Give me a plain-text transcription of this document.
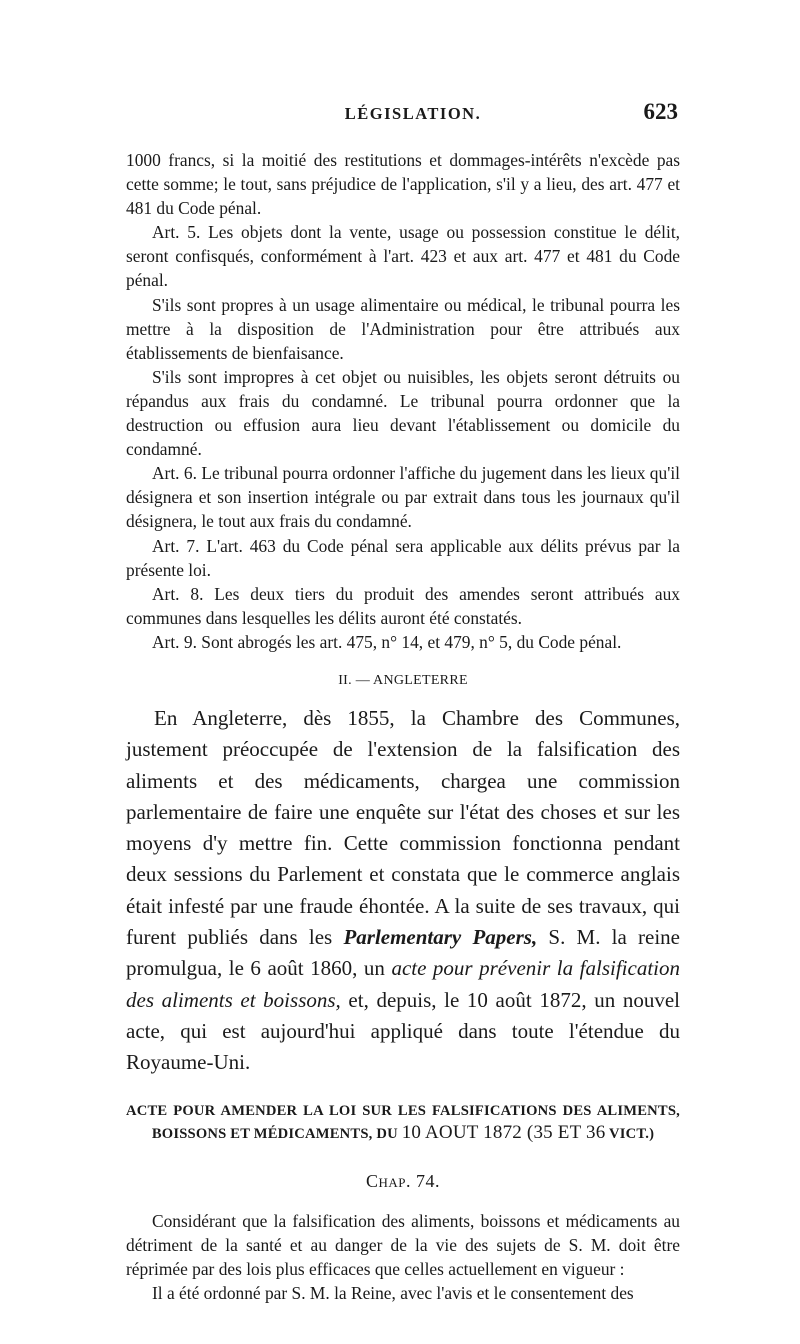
LÉGISLATION.	623

1000 francs, si la moitié des restitutions et dommages-intérêts n'excède pas cette somme; le tout, sans préjudice de l'application, s'il y a lieu, des art. 477 et 481 du Code pénal.

Art. 5. Les objets dont la vente, usage ou possession constitue le délit, seront confisqués, conformément à l'art. 423 et aux art. 477 et 481 du Code pénal.

S'ils sont propres à un usage alimentaire ou médical, le tribunal pourra les mettre à la disposition de l'Administration pour être attribués aux établissements de bienfaisance.

S'ils sont impropres à cet objet ou nuisibles, les objets seront détruits ou répandus aux frais du condamné. Le tribunal pourra ordonner que la destruction ou effusion aura lieu devant l'établissement ou domicile du condamné.

Art. 6. Le tribunal pourra ordonner l'affiche du jugement dans les lieux qu'il désignera et son insertion intégrale ou par extrait dans tous les journaux qu'il désignera, le tout aux frais du condamné.

Art. 7. L'art. 463 du Code pénal sera applicable aux délits prévus par la présente loi.

Art. 8. Les deux tiers du produit des amendes seront attribués aux communes dans lesquelles les délits auront été constatés.

Art. 9. Sont abrogés les art. 475, n° 14, et 479, n° 5, du Code pénal.

II. — ANGLETERRE

En Angleterre, dès 1855, la Chambre des Communes, justement préoccupée de l'extension de la falsification des aliments et des médicaments, chargea une commission parlementaire de faire une enquête sur l'état des choses et sur les moyens d'y mettre fin. Cette commission fonctionna pendant deux sessions du Parlement et constata que le commerce anglais était infesté par une fraude éhontée. A la suite de ses travaux, qui furent publiés dans les Parlementary Papers, S. M. la reine promulgua, le 6 août 1860, un acte pour prévenir la falsification des aliments et boissons, et, depuis, le 10 août 1872, un nouvel acte, qui est aujourd'hui appliqué dans toute l'étendue du Royaume-Uni.

ACTE POUR AMENDER LA LOI SUR LES FALSIFICATIONS DES ALIMENTS, BOISSONS ET MÉDICAMENTS, DU 10 AOUT 1872 (35 ET 36 VICT.)
Chap. 74.

Considérant que la falsification des aliments, boissons et médicaments au détriment de la santé et au danger de la vie des sujets de S. M. doit être réprimée par des lois plus efficaces que celles actuellement en vigueur :

Il a été ordonné par S. M. la Reine, avec l'avis et le consentement des
